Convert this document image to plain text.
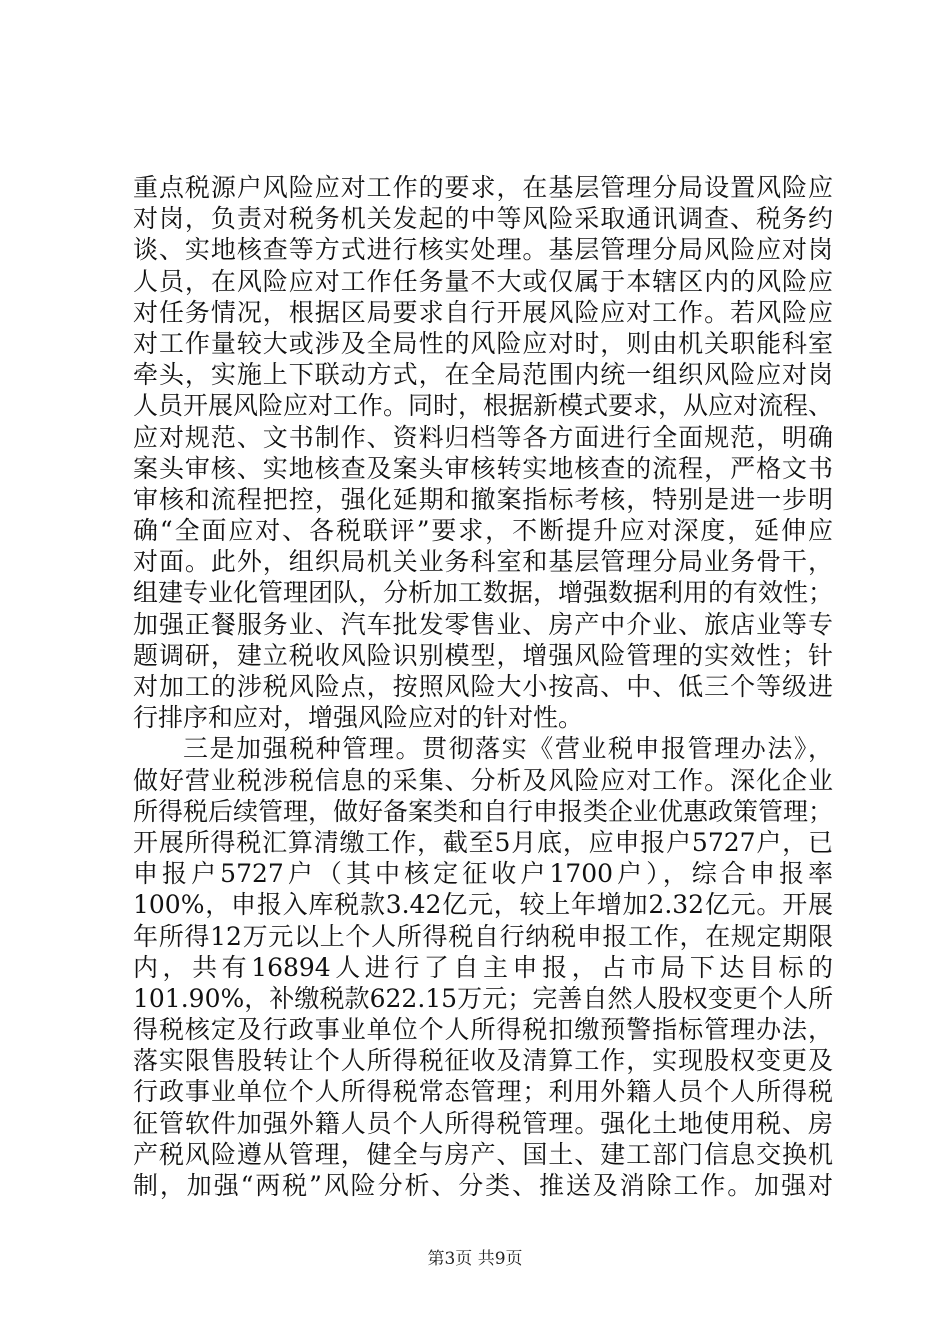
重点税源户风险应对工作的要求，在基层管理分局设置风险应
对岗，负责对税务机关发起的中等风险采取通讯调查、税务约
谈、实地核查等方式进行核实处理。基层管理分局风险应对岗
人员，在风险应对工作任务量不大或仅属于本辖区内的风险应
对任务情况，根据区局要求自行开展风险应对工作。若风险应
对工作量较大或涉及全局性的风险应对时，则由机关职能科室
牵头，实施上下联动方式，在全局范围内统一组织风险应对岗
人员开展风险应对工作。同时，根据新模式要求，从应对流程、
应对规范、文书制作、资料归档等各方面进行全面规范，明确
案头审核、实地核查及案头审核转实地核查的流程，严格文书
审核和流程把控，强化延期和撤案指标考核，特别是进一步明
确“全面应对、各税联评”要求，不断提升应对深度，延伸应
对面。此外，组织局机关业务科室和基层管理分局业务骨干，
组建专业化管理团队，分析加工数据，增强数据利用的有效性；
加强正餐服务业、汽车批发零售业、房产中介业、旅店业等专
题调研，建立税收风险识别模型，增强风险管理的实效性；针
对加工的涉税风险点，按照风险大小按高、中、低三个等级进
行排序和应对，增强风险应对的针对性。
三是加强税种管理。贯彻落实《营业税申报管理办法》，
做好营业税涉税信息的采集、分析及风险应对工作。深化企业
所得税后续管理，做好备案类和自行申报类企业优惠政策管理；
开展所得税汇算清缴工作，截至5月底，应申报户5727户，已
申报户5727户（其中核定征收户1700户），综合申报率
100%，申报入库税款3.42亿元，较上年增加2.32亿元。开展
年所得12万元以上个人所得税自行纳税申报工作，在规定期限
内，共有16894人进行了自主申报，占市局下达目标的
101.90%，补缴税款622.15万元；完善自然人股权变更个人所
得税核定及行政事业单位个人所得税扣缴预警指标管理办法，
落实限售股转让个人所得税征收及清算工作，实现股权变更及
行政事业单位个人所得税常态管理；利用外籍人员个人所得税
征管软件加强外籍人员个人所得税管理。强化土地使用税、房
产税风险遵从管理，健全与房产、国土、建工部门信息交换机
制，加强“两税”风险分析、分类、推送及消除工作。加强对
第3页 共9页
